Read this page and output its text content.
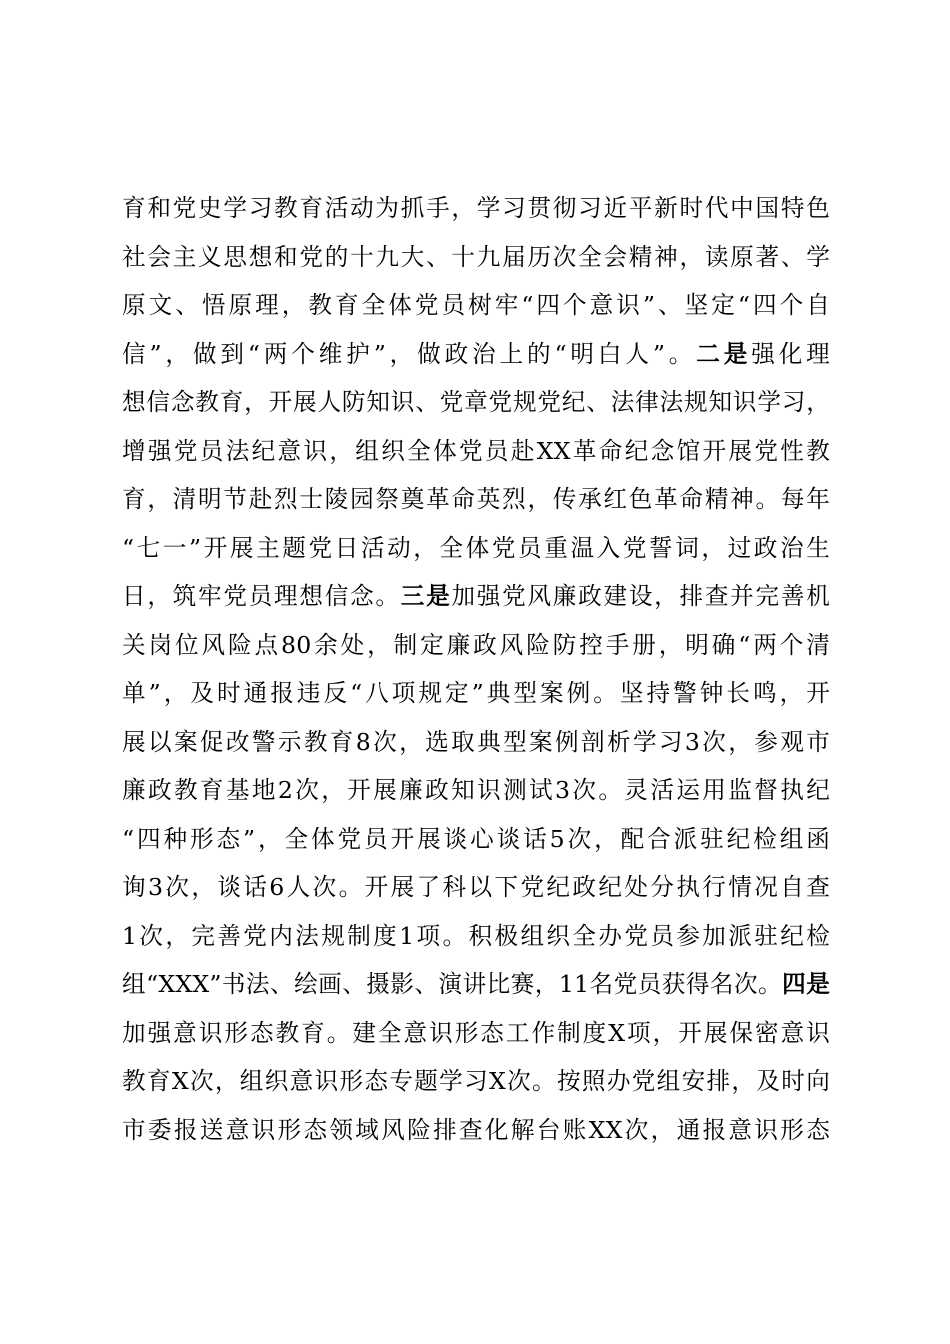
育和党史学习教育活动为抓手，学习贯彻习近平新时代中国特色
社会主义思想和党的十九大、十九届历次全会精神，读原著、学
原文、悟原理，教育全体党员树牢“四个意识”、坚定“四个自
信”，做到“两个维护”，做政治上的“明白人”。二是强化理
想信念教育，开展人防知识、党章党规党纪、法律法规知识学习，
增强党员法纪意识，组织全体党员赴XX革命纪念馆开展党性教
育，清明节赴烈士陵园祭奠革命英烈，传承红色革命精神。每年
“七一”开展主题党日活动，全体党员重温入党誓词，过政治生
日，筑牢党员理想信念。三是加强党风廉政建设，排查并完善机
关岗位风险点80余处，制定廉政风险防控手册，明确“两个清
单”，及时通报违反“八项规定”典型案例。坚持警钟长鸣，开
展以案促改警示教育8次，选取典型案例剖析学习3次，参观市
廉政教育基地2次，开展廉政知识测试3次。灵活运用监督执纪
“四种形态”，全体党员开展谈心谈话5次，配合派驻纪检组函
询3次，谈话6人次。开展了科以下党纪政纪处分执行情况自查
1次，完善党内法规制度1项。积极组织全办党员参加派驻纪检
组“XXX”书法、绘画、摄影、演讲比赛，11名党员获得名次。四是
加强意识形态教育。建全意识形态工作制度X项，开展保密意识
教育X次，组织意识形态专题学习X次。按照办党组安排，及时向
市委报送意识形态领域风险排查化解台账XX次，通报意识形态
